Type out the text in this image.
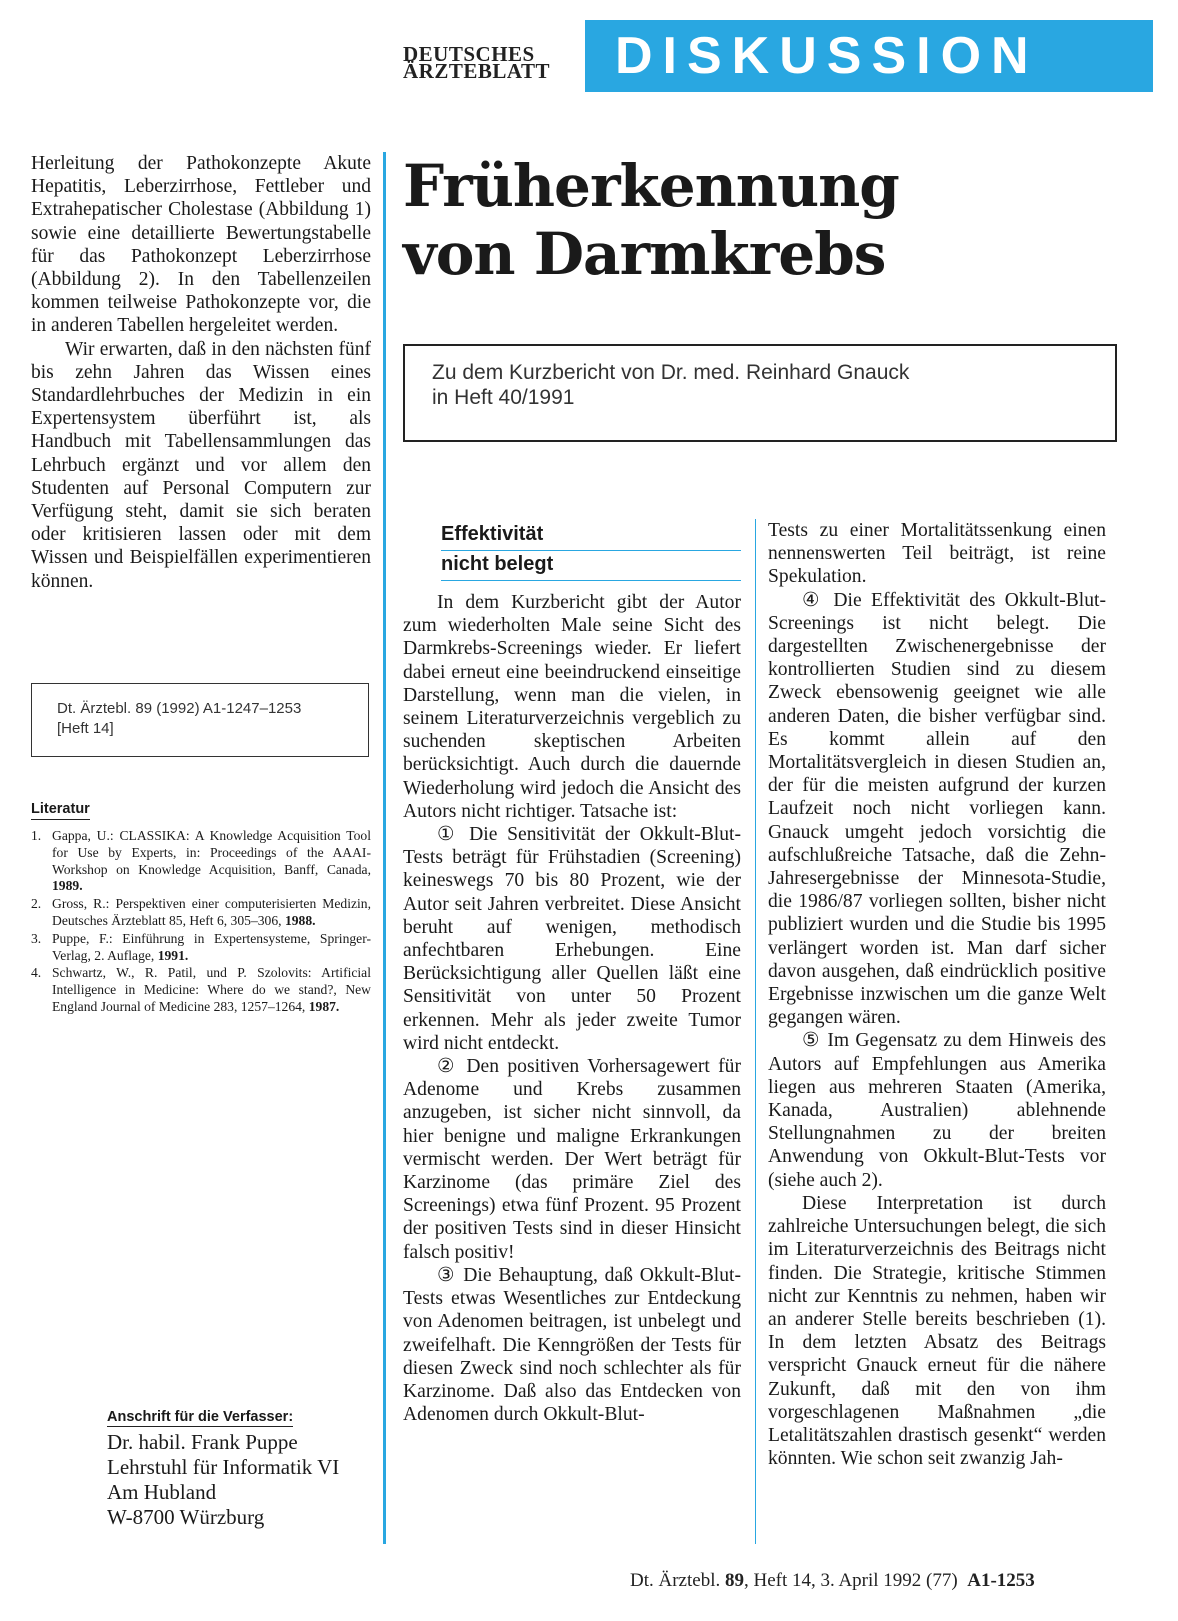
DEUTSCHES
ÄRZTEBLATT	DISKUSSION

Herleitung der Pathokonzepte Akute Hepatitis, Leberzirrhose, Fettleber und Extrahepatischer Cholestase (Abbildung 1) sowie eine detaillierte Bewertungstabelle für das Pathokonzept Leberzirrhose (Abbildung 2). In den Tabellenzeilen kommen teilweise Pathokonzepte vor, die in anderen Tabellen hergeleitet werden.

Wir erwarten, daß in den nächsten fünf bis zehn Jahren das Wissen eines Standardlehrbuches der Medizin in ein Expertensystem überführt ist, als Handbuch mit Tabellensammlungen das Lehrbuch ergänzt und vor allem den Studenten auf Personal Computern zur Verfügung steht, damit sie sich beraten oder kritisieren lassen oder mit dem Wissen und Beispielfällen experimentieren können.

Dt. Ärztebl. 89 (1992) A1-1247–1253
[Heft 14]
Literatur
1. Gappa, U.: CLASSIKA: A Knowledge Acquisition Tool for Use by Experts, in: Proceedings of the AAAI-Workshop on Knowledge Acquisition, Banff, Canada, 1989.
2. Gross, R.: Perspektiven einer computerisierten Medizin, Deutsches Ärzteblatt 85, Heft 6, 305–306, 1988.
3. Puppe, F.: Einführung in Expertensysteme, Springer-Verlag, 2. Auflage, 1991.
4. Schwartz, W., R. Patil, und P. Szolovits: Artificial Intelligence in Medicine: Where do we stand?, New England Journal of Medicine 283, 1257–1264, 1987.
Anschrift für die Verfasser:
Dr. habil. Frank Puppe
Lehrstuhl für Informatik VI
Am Hubland
W-8700 Würzburg
Früherkennung
von Darmkrebs
Zu dem Kurzbericht von Dr. med. Reinhard Gnauck
in Heft 40/1991
Effektivität
nicht belegt

In dem Kurzbericht gibt der Autor zum wiederholten Male seine Sicht des Darmkrebs-Screenings wieder. Er liefert dabei erneut eine beeindruckend einseitige Darstellung, wenn man die vielen, in seinem Literaturverzeichnis vergeblich zu suchenden skeptischen Arbeiten berücksichtigt. Auch durch die dauernde Wiederholung wird jedoch die Ansicht des Autors nicht richtiger. Tatsache ist:

① Die Sensitivität der Okkult-Blut-Tests beträgt für Frühstadien (Screening) keineswegs 70 bis 80 Prozent, wie der Autor seit Jahren verbreitet. Diese Ansicht beruht auf wenigen, methodisch anfechtbaren Erhebungen. Eine Berücksichtigung aller Quellen läßt eine Sensitivität von unter 50 Prozent erkennen. Mehr als jeder zweite Tumor wird nicht entdeckt.

② Den positiven Vorhersagewert für Adenome und Krebs zusammen anzugeben, ist sicher nicht sinnvoll, da hier benigne und maligne Erkrankungen vermischt werden. Der Wert beträgt für Karzinome (das primäre Ziel des Screenings) etwa fünf Prozent. 95 Prozent der positiven Tests sind in dieser Hinsicht falsch positiv!

③ Die Behauptung, daß Okkult-Blut-Tests etwas Wesentliches zur Entdeckung von Adenomen beitragen, ist unbelegt und zweifelhaft. Die Kenngrößen der Tests für diesen Zweck sind noch schlechter als für Karzinome. Daß also das Entdecken von Adenomen durch Okkult-Blut-

Tests zu einer Mortalitätssenkung einen nennenswerten Teil beiträgt, ist reine Spekulation.

④ Die Effektivität des Okkult-Blut-Screenings ist nicht belegt. Die dargestellten Zwischenergebnisse der kontrollierten Studien sind zu diesem Zweck ebensowenig geeignet wie alle anderen Daten, die bisher verfügbar sind. Es kommt allein auf den Mortalitätsvergleich in diesen Studien an, der für die meisten aufgrund der kurzen Laufzeit noch nicht vorliegen kann. Gnauck umgeht jedoch vorsichtig die aufschlußreiche Tatsache, daß die Zehn-Jahresergebnisse der Minnesota-Studie, die 1986/87 vorliegen sollten, bisher nicht publiziert wurden und die Studie bis 1995 verlängert worden ist. Man darf sicher davon ausgehen, daß eindrücklich positive Ergebnisse inzwischen um die ganze Welt gegangen wären.

⑤ Im Gegensatz zu dem Hinweis des Autors auf Empfehlungen aus Amerika liegen aus mehreren Staaten (Amerika, Kanada, Australien) ablehnende Stellungnahmen zu der breiten Anwendung von Okkult-Blut-Tests vor (siehe auch 2).

Diese Interpretation ist durch zahlreiche Untersuchungen belegt, die sich im Literaturverzeichnis des Beitrags nicht finden. Die Strategie, kritische Stimmen nicht zur Kenntnis zu nehmen, haben wir an anderer Stelle bereits beschrieben (1). In dem letzten Absatz des Beitrags verspricht Gnauck erneut für die nähere Zukunft, daß mit den von ihm vorgeschlagenen Maßnahmen „die Letalitätszahlen drastisch gesenkt“ werden könnten. Wie schon seit zwanzig Jah-

Dt. Ärztebl. 89, Heft 14, 3. April 1992 (77) A1-1253
